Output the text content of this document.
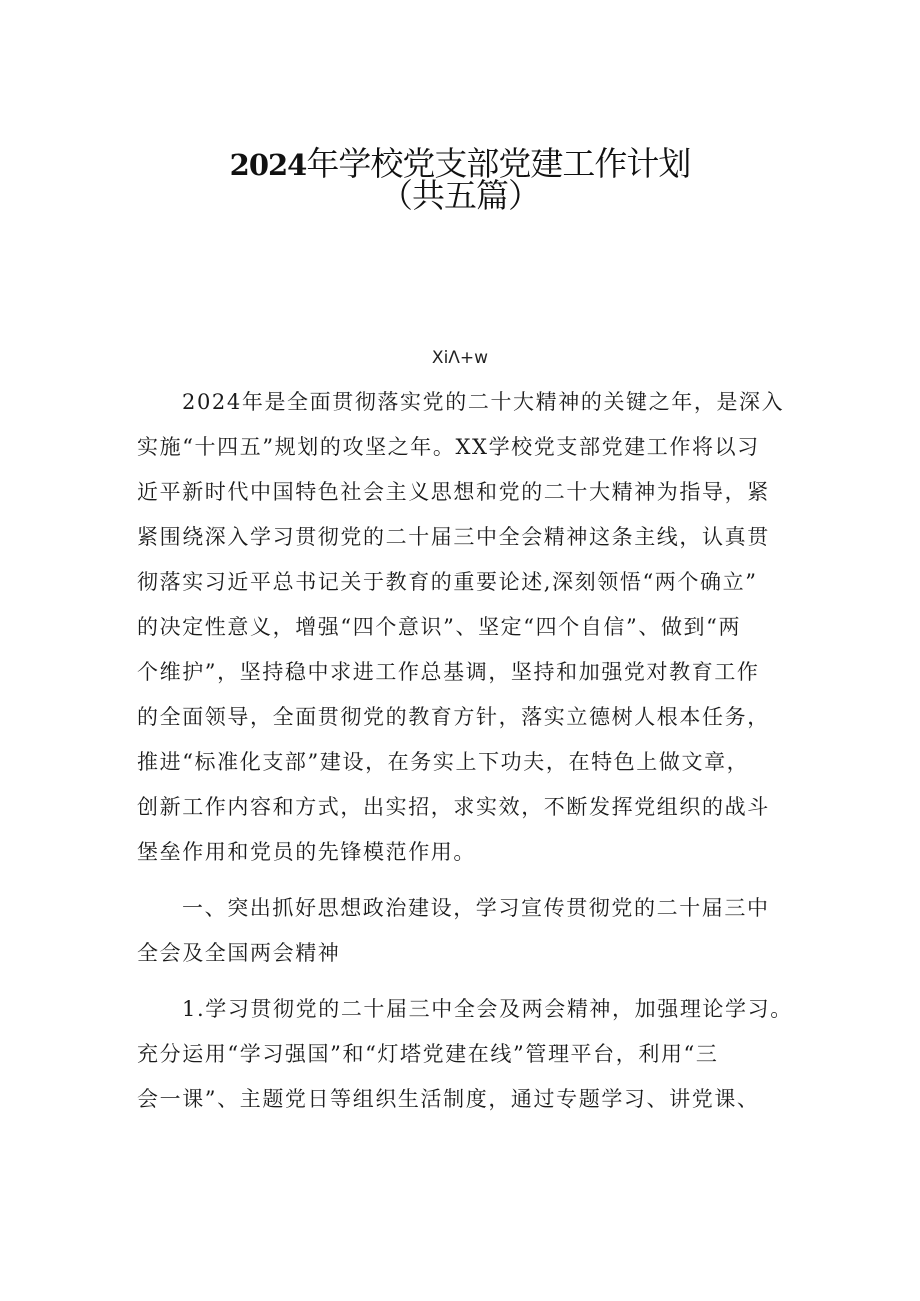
2024年学校党支部党建工作计划
（共五篇）
XiΛ+w
2024年是全面贯彻落实党的二十大精神的关键之年，是深入
实施“十四五”规划的攻坚之年。XX学校党支部党建工作将以习
近平新时代中国特色社会主义思想和党的二十大精神为指导，紧
紧围绕深入学习贯彻党的二十届三中全会精神这条主线，认真贯
彻落实习近平总书记关于教育的重要论述,深刻领悟“两个确立”
的决定性意义，增强“四个意识”、坚定“四个自信”、做到“两
个维护”，坚持稳中求进工作总基调，坚持和加强党对教育工作
的全面领导，全面贯彻党的教育方针，落实立德树人根本任务，
推进“标准化支部”建设，在务实上下功夫，在特色上做文章，
创新工作内容和方式，出实招，求实效，不断发挥党组织的战斗
堡垒作用和党员的先锋模范作用。
一、突出抓好思想政治建设，学习宣传贯彻党的二十届三中
全会及全国两会精神
1.学习贯彻党的二十届三中全会及两会精神，加强理论学习。
充分运用“学习强国”和“灯塔党建在线”管理平台，利用“三
会一课”、主题党日等组织生活制度，通过专题学习、讲党课、
